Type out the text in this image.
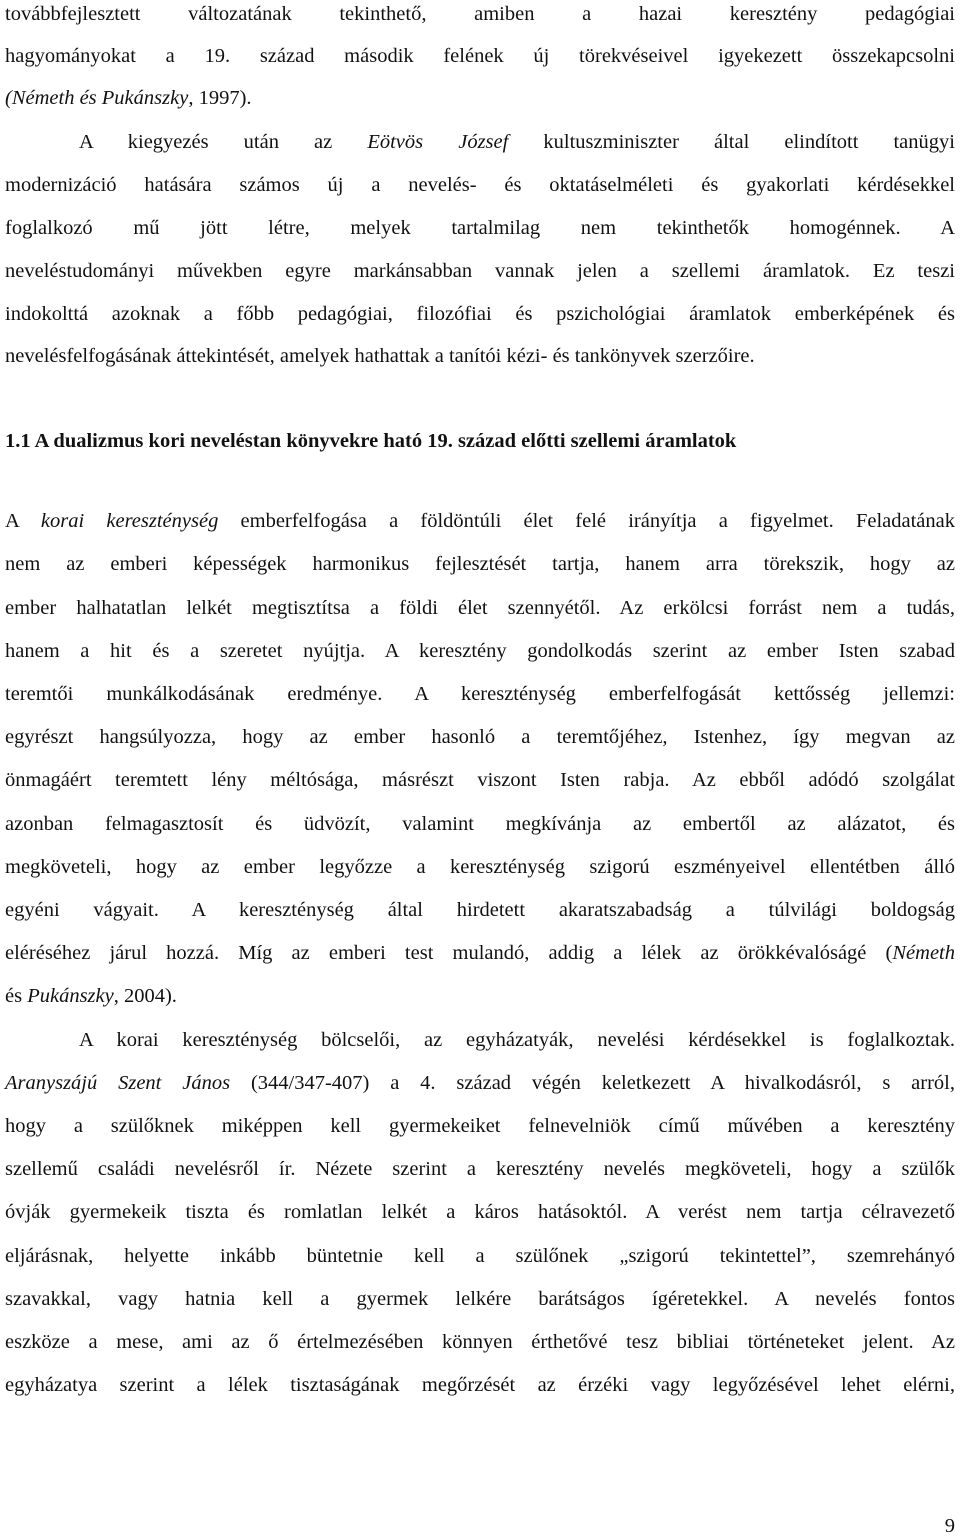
továbbfejlesztett változatának tekinthető, amiben a hazai keresztény pedagógiai
hagyományokat a 19. század második felének új törekvéseivel igyekezett összekapcsolni
(Németh és Pukánszky, 1997).
A kiegyezés után az Eötvös József kultuszminiszter által elindított tanügyi
modernizáció hatására számos új a nevelés- és oktatáselméleti és gyakorlati kérdésekkel
foglalkozó mű jött létre, melyek tartalmilag nem tekinthetők homogénnek. A
neveléstudományi művekben egyre markánsabban vannak jelen a szellemi áramlatok. Ez teszi
indokolttá azoknak a főbb pedagógiai, filozófiai és pszichológiai áramlatok emberképének és
nevelésfelfogásának áttekintését, amelyek hathattak a tanítói kézi- és tankönyvek szerzőire.
1.1 A dualizmus kori neveléstan könyvekre ható 19. század előtti szellemi áramlatok
A korai kereszténység emberfelfogása a földöntúli élet felé irányítja a figyelmet. Feladatának
nem az emberi képességek harmonikus fejlesztését tartja, hanem arra törekszik, hogy az
ember halhatatlan lelkét megtisztítsa a földi élet szennyétől. Az erkölcsi forrást nem a tudás,
hanem a hit és a szeretet nyújtja. A keresztény gondolkodás szerint az ember Isten szabad
teremtői munkálkodásának eredménye. A kereszténység emberfelfogását kettősség jellemzi:
egyrészt hangsúlyozza, hogy az ember hasonló a teremtőjéhez, Istenhez, így megvan az
önmagáért teremtett lény méltósága, másrészt viszont Isten rabja. Az ebből adódó szolgálat
azonban felmagasztosít és üdvözít, valamint megkívánja az embertől az alázatot, és
megköveteli, hogy az ember legyőzze a kereszténység szigorú eszményeivel ellentétben álló
egyéni vágyait. A kereszténység által hirdetett akaratszabadság a túlvilági boldogság
eléréséhez járul hozzá. Míg az emberi test mulandó, addig a lélek az örökkévalóságé (Németh
és Pukánszky, 2004).
A korai kereszténység bölcselői, az egyházatyák, nevelési kérdésekkel is foglalkoztak.
Aranyszájú Szent János (344/347-407) a 4. század végén keletkezett A hivalkodásról, s arról,
hogy a szülőknek miképpen kell gyermekeiket felnevelniök című művében a keresztény
szellemű családi nevelésről ír. Nézete szerint a keresztény nevelés megköveteli, hogy a szülők
óvják gyermekeik tiszta és romlatlan lelkét a káros hatásoktól. A verést nem tartja célravezető
eljárásnak, helyette inkább büntetnie kell a szülőnek „szigorú tekintettel”, szemrehányó
szavakkal, vagy hatnia kell a gyermek lelkére barátságos ígéretekkel. A nevelés fontos
eszköze a mese, ami az ő értelmezésében könnyen érthetővé tesz bibliai történeteket jelent. Az
egyházatya szerint a lélek tisztaságának megőrzését az érzéki vagy legyőzésével lehet elérni,
9
